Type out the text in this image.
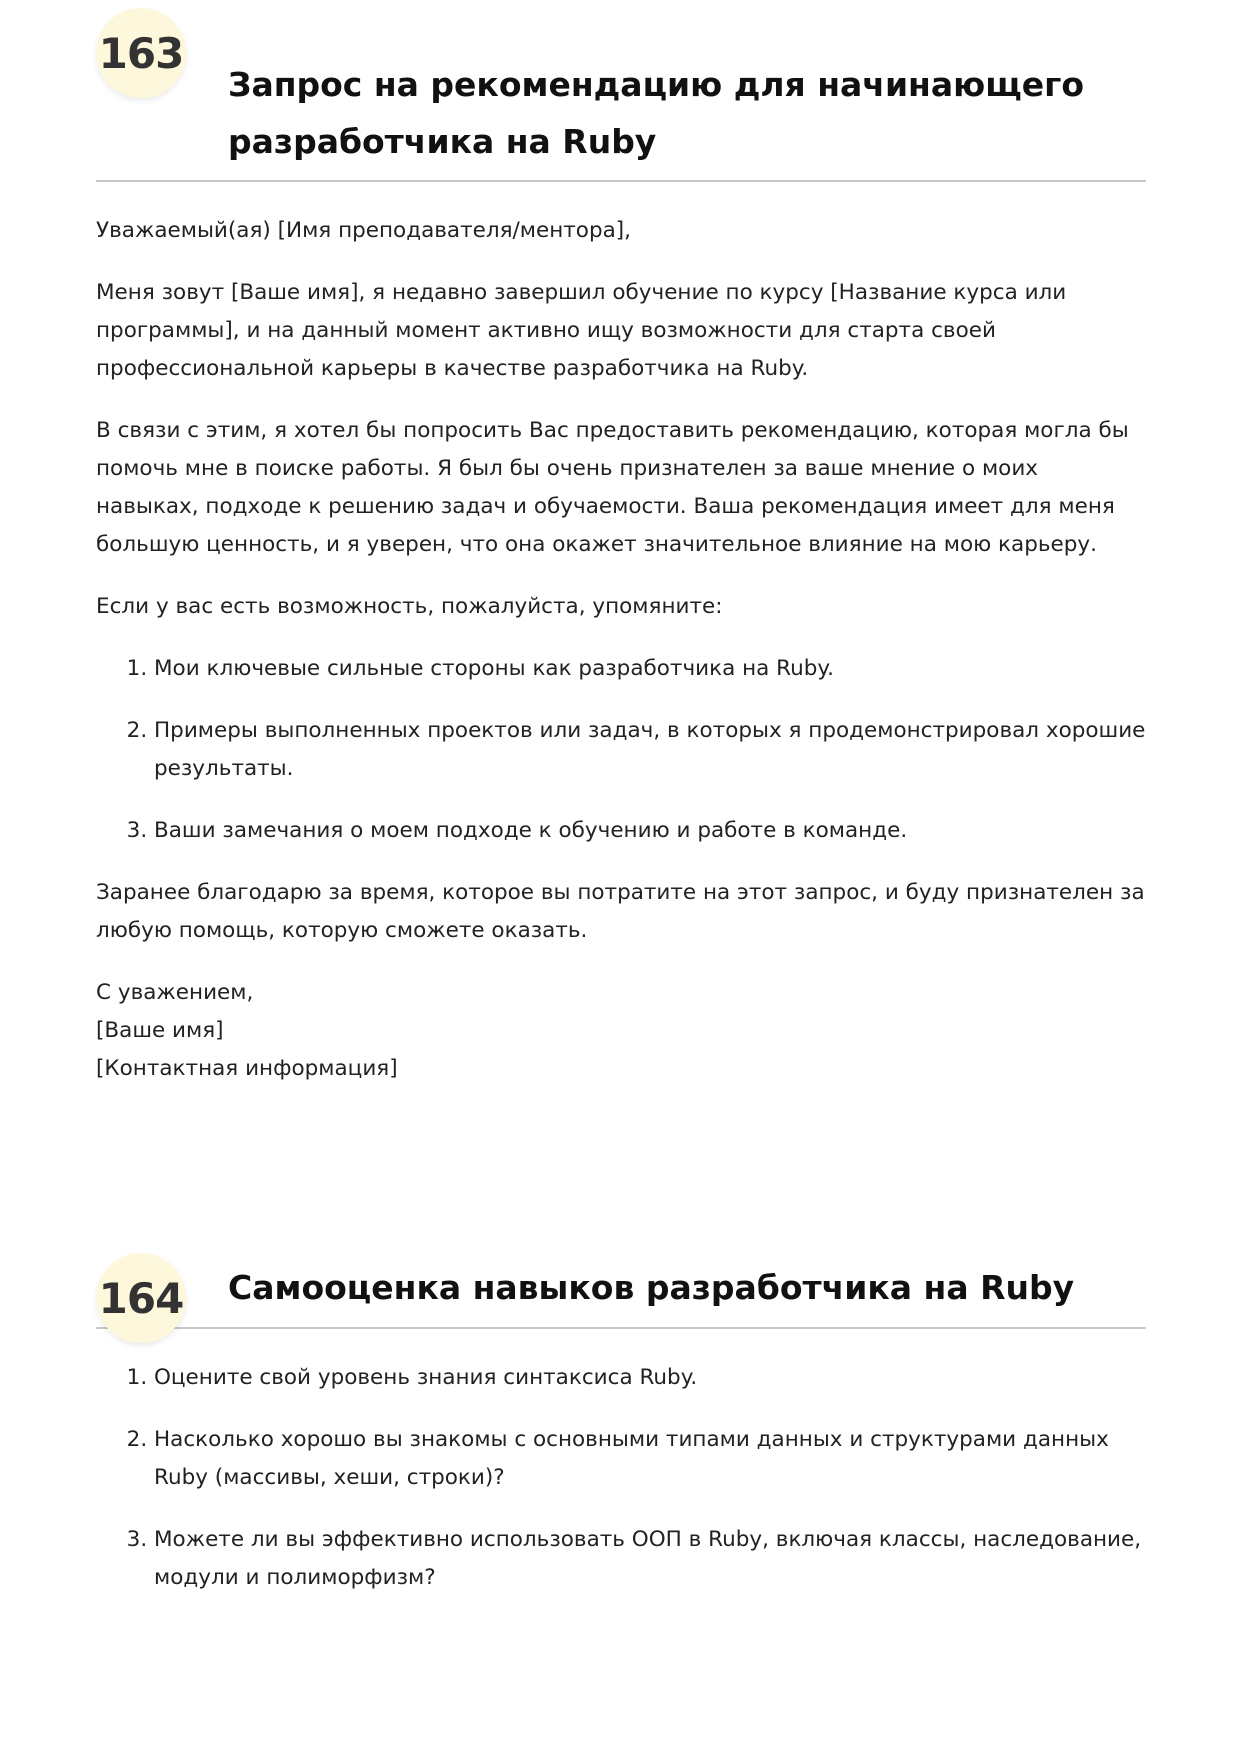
163
Запрос на рекомендацию для начинающего
разработчика на Ruby

Уважаемый(ая) [Имя преподавателя/ментора],

Меня зовут [Ваше имя], я недавно завершил обучение по курсу [Название курса или программы], и на данный момент активно ищу возможности для старта своей профессиональной карьеры в качестве разработчика на Ruby.

В связи с этим, я хотел бы попросить Вас предоставить рекомендацию, которая могла бы помочь мне в поиске работы. Я был бы очень признателен за ваше мнение о моих навыках, подходе к решению задач и обучаемости. Ваша рекомендация имеет для меня большую ценность, и я уверен, что она окажет значительное влияние на мою карьеру.

Если у вас есть возможность, пожалуйста, упомяните:

1. Мои ключевые сильные стороны как разработчика на Ruby.
2. Примеры выполненных проектов или задач, в которых я продемонстрировал хорошие результаты.
3. Ваши замечания о моем подходе к обучению и работе в команде.

Заранее благодарю за время, которое вы потратите на этот запрос, и буду признателен за любую помощь, которую сможете оказать.

С уважением,
[Ваше имя]
[Контактная информация]
164 Самооценка навыков разработчика на Ruby
1. Оцените свой уровень знания синтаксиса Ruby.
2. Насколько хорошо вы знакомы с основными типами данных и структурами данных Ruby (массивы, хеши, строки)?
3. Можете ли вы эффективно использовать ООП в Ruby, включая классы, наследование, модули и полиморфизм?
